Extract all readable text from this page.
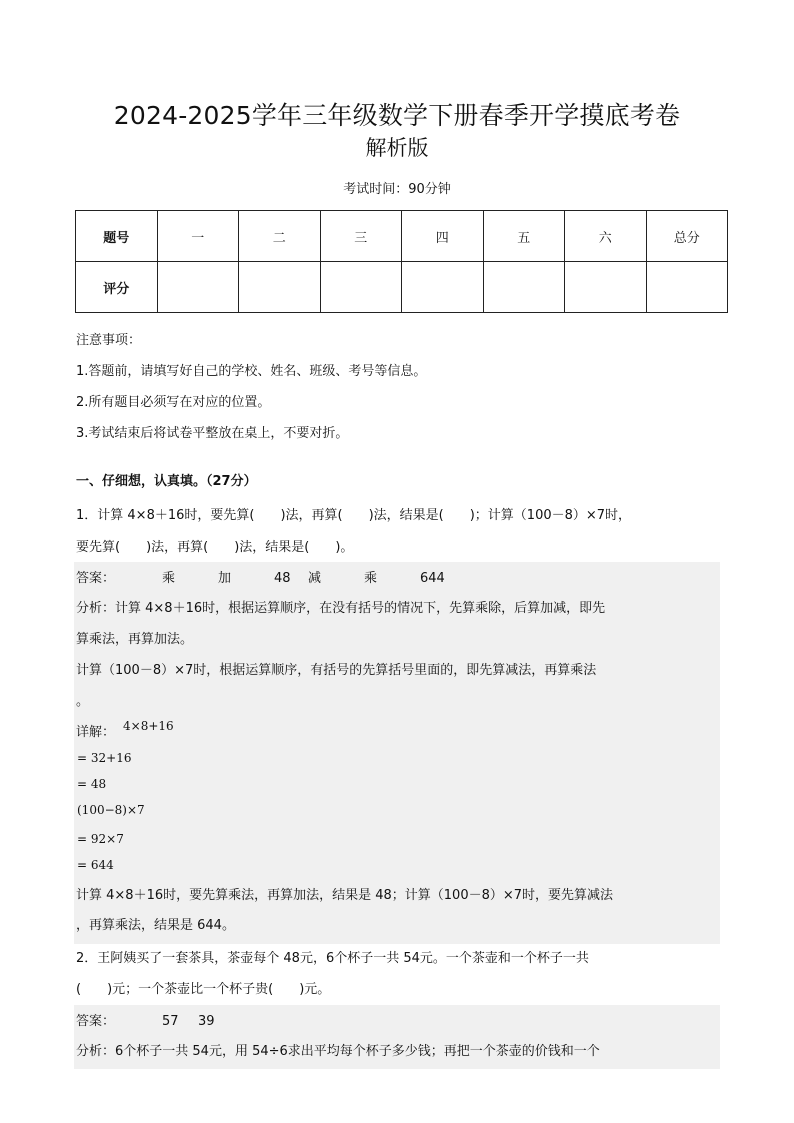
2024-2025学年三年级数学下册春季开学摸底考卷
解析版
考试时间：90分钟
题号	一	二	三	四	五	六	总分
评分							
注意事项：
1.答题前，请填写好自己的学校、姓名、班级、考号等信息。
2.所有题目必须写在对应的位置。
3.考试结束后将试卷平整放在桌上，不要对折。
一、仔细想，认真填。（27分）
1．计算 4×8＋16时，要先算(　　)法，再算(　　)法，结果是(　　)；计算（100－8）×7时，
要先算(　　)法，再算(　　)法，结果是(　　)。
答案：	乘	加	48 减	乘	644
分析：计算 4×8＋16时，根据运算顺序，在没有括号的情况下，先算乘除，后算加减，即先
算乘法，再算加法。
计算（100－8）×7时，根据运算顺序，有括号的先算括号里面的，即先算减法，再算乘法
。
详解： 4×8+16
= 32+16
= 48
(100−8)×7
= 92×7
= 644
计算 4×8＋16时，要先算乘法，再算加法，结果是 48；计算（100－8）×7时，要先算减法
，再算乘法，结果是 644。
2．王阿姨买了一套茶具，茶壶每个 48元，6个杯子一共 54元。一个茶壶和一个杯子一共
(　　)元；一个茶壶比一个杯子贵(　　)元。
答案：	57 39
分析：6个杯子一共 54元，用 54÷6求出平均每个杯子多少钱；再把一个茶壶的价钱和一个
